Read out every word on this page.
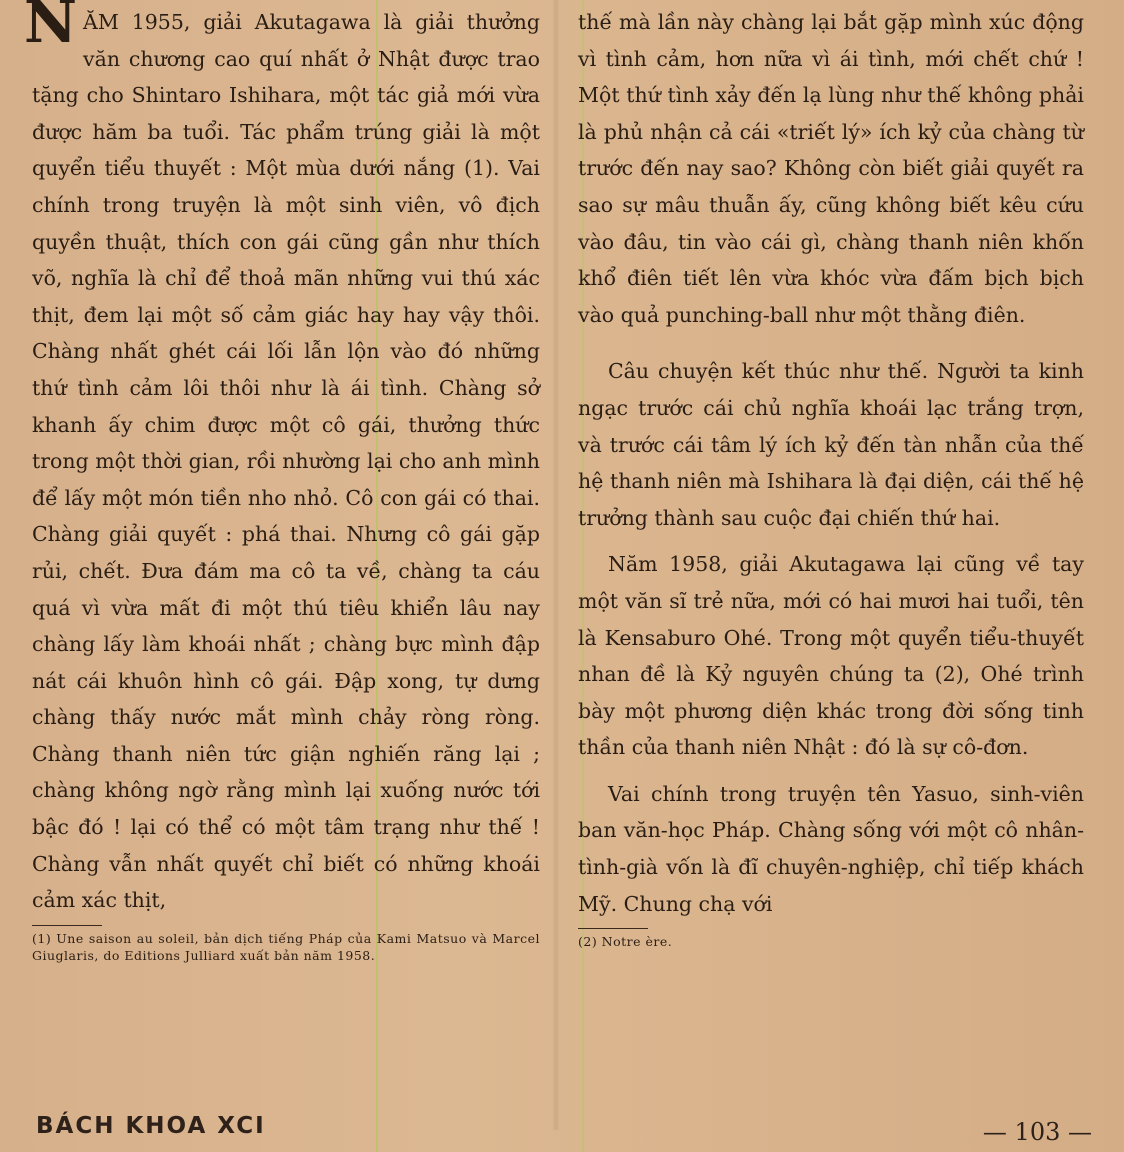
NĂM 1955, giải Akutagawa là giải thưởng văn chương cao quí nhất ở Nhật được trao tặng cho Shintaro Ishihara, một tác giả mới vừa được hăm ba tuổi. Tác phẩm trúng giải là một quyển tiểu thuyết : Một mùa dưới nắng (1). Vai chính trong truyện là một sinh viên, vô địch quyền thuật, thích con gái cũng gần như thích võ, nghĩa là chỉ để thoả mãn những vui thú xác thịt, đem lại một số cảm giác hay hay vậy thôi. Chàng nhất ghét cái lối lẫn lộn vào đó những thứ tình cảm lôi thôi như là ái tình. Chàng sở khanh ấy chim được một cô gái, thưởng thức trong một thời gian, rồi nhường lại cho anh mình để lấy một món tiền nho nhỏ. Cô con gái có thai. Chàng giải quyết : phá thai. Nhưng cô gái gặp rủi, chết. Đưa đám ma cô ta về, chàng ta cáu quá vì vừa mất đi một thú tiêu khiển lâu nay chàng lấy làm khoái nhất ; chàng bực mình đập nát cái khuôn hình cô gái. Đập xong, tự dưng chàng thấy nước mắt mình chảy ròng ròng. Chàng thanh niên tức giận nghiến răng lại ; chàng không ngờ rằng mình lại xuống nước tới bậc đó ! lại có thể có một tâm trạng như thế ! Chàng vẫn nhất quyết chỉ biết có những khoái cảm xác thịt,

(1) Une saison au soleil, bản dịch tiếng Pháp của Kami Matsuo và Marcel Giuglaris, do Editions Julliard xuất bản năm 1958.

thế mà lần này chàng lại bắt gặp mình xúc động vì tình cảm, hơn nữa vì ái tình, mới chết chứ ! Một thứ tình xảy đến lạ lùng như thế không phải là phủ nhận cả cái «triết lý» ích kỷ của chàng từ trước đến nay sao? Không còn biết giải quyết ra sao sự mâu thuẫn ấy, cũng không biết kêu cứu vào đâu, tin vào cái gì, chàng thanh niên khốn khổ điên tiết lên vừa khóc vừa đấm bịch bịch vào quả punching-ball như một thằng điên.

Câu chuyện kết thúc như thế. Người ta kinh ngạc trước cái chủ nghĩa khoái lạc trắng trợn, và trước cái tâm lý ích kỷ đến tàn nhẫn của thế hệ thanh niên mà Ishihara là đại diện, cái thế hệ trưởng thành sau cuộc đại chiến thứ hai.

Năm 1958, giải Akutagawa lại cũng về tay một văn sĩ trẻ nữa, mới có hai mươi hai tuổi, tên là Kensaburo Ohé. Trong một quyển tiểu-thuyết nhan đề là Kỷ nguyên chúng ta (2), Ohé trình bày một phương diện khác trong đời sống tinh thần của thanh niên Nhật : đó là sự cô-đơn.

Vai chính trong truyện tên Yasuo, sinh-viên ban văn-học Pháp. Chàng sống với một cô nhân-tình-già vốn là đĩ chuyên-nghiệp, chỉ tiếp khách Mỹ. Chung chạ với

(2) Notre ère.

BÁCH KHOA XCI	— 103 —
